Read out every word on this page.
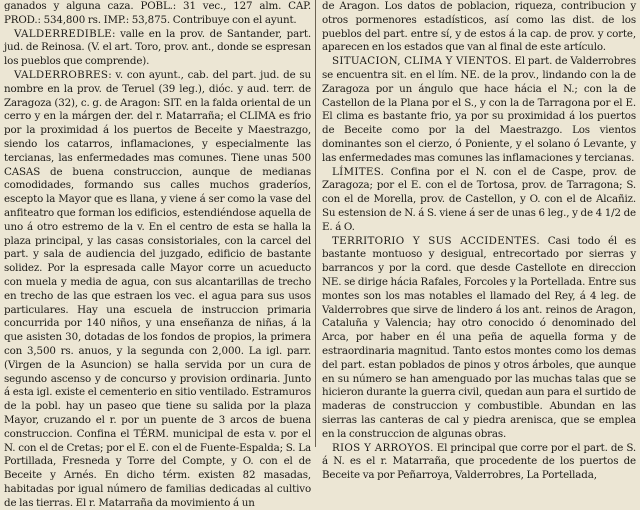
ganados y alguna caza. POBL.: 31 vec., 127 alm. CAP. PROD.: 534,800 rs. IMP.: 53,875. Contribuye con el ayunt.

VALDERREDIBLE: valle en la prov. de Santander, part. jud. de Reinosa. (V. el art. Toro, prov. ant., donde se espresan los pueblos que comprende).

VALDERROBRES: v. con ayunt., cab. del part. jud. de su nombre en la prov. de Teruel (39 leg.), dióc. y aud. terr. de Zaragoza (32), c. g. de Aragon: SIT. en la falda oriental de un cerro y en la márgen der. del r. Matarraña; el CLIMA es frio por la proximidad á los puertos de Beceite y Maestrazgo, siendo los catarros, inflamaciones, y especialmente las tercianas, las enfermedades mas comunes. Tiene unas 500 CASAS de buena construccion, aunque de medianas comodidades, formando sus calles muchos graderíos, escepto la Mayor que es llana, y viene á ser como la vase del anfiteatro que forman los edificios, estendiéndose aquella de uno á otro estremo de la v. En el centro de esta se halla la plaza principal, y las casas consistoriales, con la carcel del part. y sala de audiencia del juzgado, edificio de bastante solidez. Por la espresada calle Mayor corre un acueducto con muela y media de agua, con sus alcantarillas de trecho en trecho de las que estraen los vec. el agua para sus usos particulares. Hay una escuela de instruccion primaria concurrida por 140 niños, y una enseñanza de niñas, á la que asisten 30, dotadas de los fondos de propios, la primera con 3,500 rs. anuos, y la segunda con 2,000. La igl. parr. (Virgen de la Asuncion) se halla servida por un cura de segundo ascenso y de concurso y provision ordinaria. Junto á esta igl. existe el cementerio en sitio ventilado. Estramuros de la pobl. hay un paseo que tiene su salida por la plaza Mayor, cruzando el r. por un puente de 3 arcos de buena construccion. Confina el TÉRM. municipal de esta v. por el N. con el de Cretas; por el E. con el de Fuente-Espalda; S. La Portillada, Fresneda y Torre del Compte, y O. con el de Beceite y Arnés. En dicho térm. existen 82 masadas, habitadas por igual número de familias dedicadas al cultivo de las tierras. El r. Matarraña da movimiento á un

de Aragon. Los datos de poblacion, riqueza, contribucion y otros pormenores estadísticos, así como las dist. de los pueblos del part. entre sí, y de estos á la cap. de prov. y corte, aparecen en los estados que van al final de este artículo.

SITUACION, CLIMA Y VIENTOS. El part. de Valderrobres se encuentra sit. en el lím. NE. de la prov., lindando con la de Zaragoza por un ángulo que hace hácia el N.; con la de Castellon de la Plana por el S., y con la de Tarragona por el E. El clima es bastante frio, ya por su proximidad á los puertos de Beceite como por la del Maestrazgo. Los vientos dominantes son el cierzo, ó Poniente, y el solano ó Levante, y las enfermedades mas comunes las inflamaciones y tercianas.

LÍMITES. Confina por el N. con el de Caspe, prov. de Zaragoza; por el E. con el de Tortosa, prov. de Tarragona; S. con el de Morella, prov. de Castellon, y O. con el de Alcañiz. Su estension de N. á S. viene á ser de unas 6 leg., y de 4 1/2 de E. á O.

TERRITORIO Y SUS ACCIDENTES. Casi todo él es bastante montuoso y desigual, entrecortado por sierras y barrancos y por la cord. que desde Castellote en direccion NE. se dirige hácia Rafales, Forcoles y la Portellada. Entre sus montes son los mas notables el llamado del Rey, á 4 leg. de Valderrobres que sirve de lindero á los ant. reinos de Aragon, Cataluña y Valencia; hay otro conocido ó denominado del Arca, por haber en él una peña de aquella forma y de estraordinaria magnitud. Tanto estos montes como los demas del part. estan poblados de pinos y otros árboles, que aunque en su número se han amenguado por las muchas talas que se hicieron durante la guerra civil, quedan aun para el surtido de maderas de construccion y combustible. Abundan en las sierras las canteras de cal y piedra arenisca, que se emplea en la construccion de algunas obras.

RIOS Y ARROYOS. El principal que corre por el part. de S. á N. es el r. Matarraña, que procedente de los puertos de Beceite va por Peñarroya, Valderrobres, La Portellada,
